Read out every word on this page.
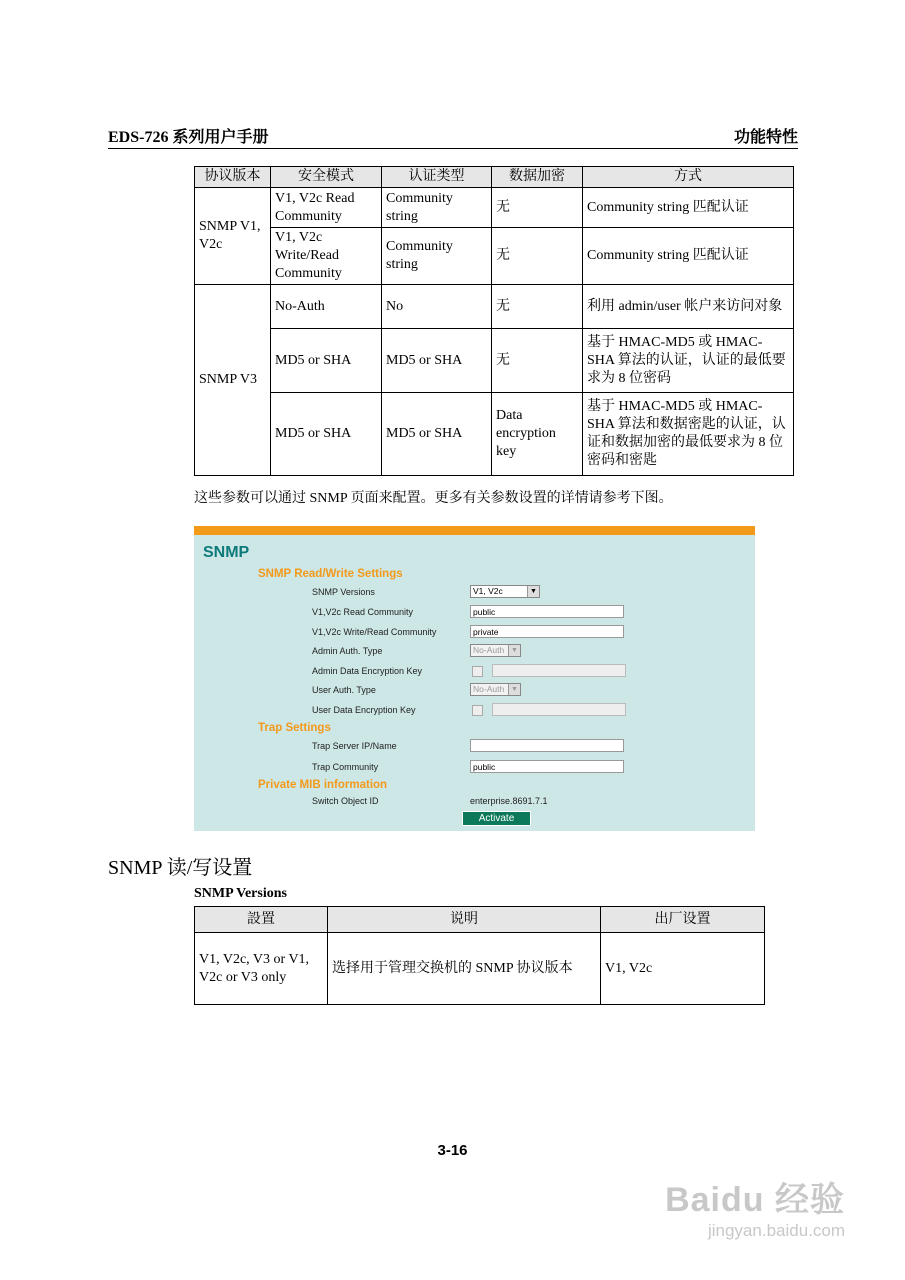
EDS-726 系列用户手册	功能特性
协议版本	安全模式	认证类型	数据加密	方式
SNMP V1, V2c	V1, V2c Read Community	Community string	无	Community string 匹配认证
	V1, V2c Write/Read Community	Community string	无	Community string 匹配认证
SNMP V3	No-Auth	No	无	利用 admin/user 帐户来访问对象
	MD5 or SHA	MD5 or SHA	无	基于 HMAC-MD5 或 HMAC-SHA 算法的认证，认证的最低要求为 8 位密码
	MD5 or SHA	MD5 or SHA	Data encryption key	基于 HMAC-MD5 或 HMAC-SHA 算法和数据密匙的认证，认证和数据加密的最低要求为 8 位密码和密匙
这些参数可以通过 SNMP 页面来配置。更多有关参数设置的详情请参考下图。
SNMP
SNMP Read/Write Settings
SNMP Versions	V1, V2c	▼
V1,V2c Read Community	public
V1,V2c Write/Read Community	private
Admin Auth. Type	No-Auth ▼
Admin Data Encryption Key
User Auth. Type	No-Auth ▼
User Data Encryption Key
Trap Settings
Trap Server IP/Name
Trap Community	public
Private MIB information
Switch Object ID	enterprise.8691.7.1
Activate
SNMP 读/写设置
SNMP Versions
設置	说明	出厂设置
V1, V2c, V3 or V1, V2c or V3 only	选择用于管理交换机的 SNMP 协议版本	V1, V2c
3-16
Baidu 经验
jingyan.baidu.com
